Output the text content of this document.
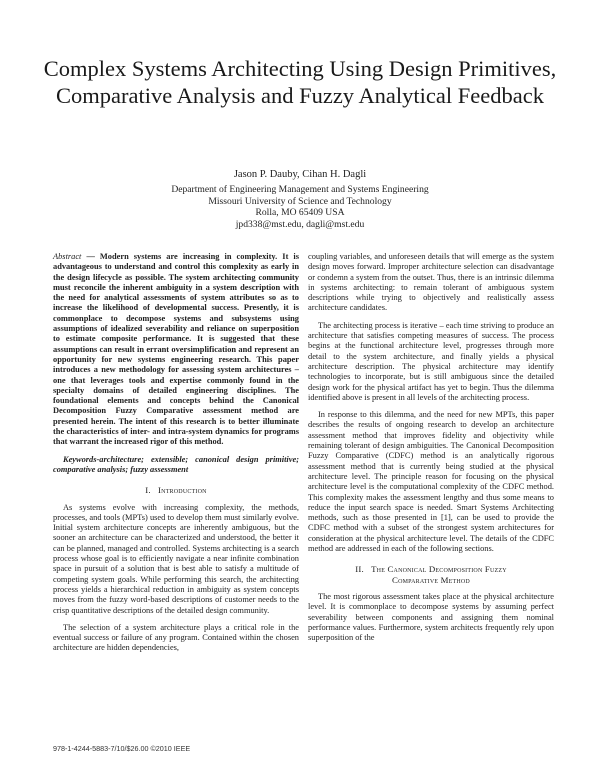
Complex Systems Architecting Using Design Primitives, Comparative Analysis and Fuzzy Analytical Feedback
Jason P. Dauby, Cihan H. Dagli
Department of Engineering Management and Systems Engineering
Missouri University of Science and Technology
Rolla, MO 65409 USA
jpd338@mst.edu, dagli@mst.edu

Abstract — Modern systems are increasing in complexity. It is advantageous to understand and control this complexity as early in the design lifecycle as possible. The system architecting community must reconcile the inherent ambiguity in a system description with the need for analytical assessments of system attributes so as to increase the likelihood of developmental success. Presently, it is commonplace to decompose systems and subsystems using assumptions of idealized severability and reliance on superposition to estimate composite performance. It is suggested that these assumptions can result in errant oversimplification and represent an opportunity for new systems engineering research. This paper introduces a new methodology for assessing system architectures – one that leverages tools and expertise commonly found in the specialty domains of detailed engineering disciplines. The foundational elements and concepts behind the Canonical Decomposition Fuzzy Comparative assessment method are presented herein. The intent of this research is to better illuminate the characteristics of inter- and intra-system dynamics for programs that warrant the increased rigor of this method.

Keywords-architecture; extensible; canonical design primitive; comparative analysis; fuzzy assessment

I. Introduction

As systems evolve with increasing complexity, the methods, processes, and tools (MPTs) used to develop them must similarly evolve. Initial system architecture concepts are inherently ambiguous, but the sooner an architecture can be characterized and understood, the better it can be planned, managed and controlled. Systems architecting is a search process whose goal is to efficiently navigate a near infinite combination space in pursuit of a solution that is best able to satisfy a multitude of competing system goals. While performing this search, the architecting process yields a hierarchical reduction in ambiguity as system concepts moves from the fuzzy word-based descriptions of customer needs to the crisp quantitative descriptions of the detailed design community.

The selection of a system architecture plays a critical role in the eventual success or failure of any program. Contained within the chosen architecture are hidden dependencies,

coupling variables, and unforeseen details that will emerge as the system design moves forward. Improper architecture selection can disadvantage or condemn a system from the outset. Thus, there is an intrinsic dilemma in systems architecting: to remain tolerant of ambiguous system descriptions while trying to objectively and realistically assess architecture candidates.

The architecting process is iterative – each time striving to produce an architecture that satisfies competing measures of success. The process begins at the functional architecture level, progresses through more detail to the system architecture, and finally yields a physical architecture description. The physical architecture may identify technologies to incorporate, but is still ambiguous since the detailed design work for the physical artifact has yet to begin. Thus the dilemma identified above is present in all levels of the architecting process.

In response to this dilemma, and the need for new MPTs, this paper describes the results of ongoing research to develop an architecture assessment method that improves fidelity and objectivity while remaining tolerant of design ambiguities. The Canonical Decomposition Fuzzy Comparative (CDFC) method is an analytically rigorous assessment method that is currently being studied at the physical architecture level. The principle reason for focusing on the physical architecture level is the computational complexity of the CDFC method. This complexity makes the assessment lengthy and thus some means to reduce the input search space is needed. Smart Systems Architecting methods, such as those presented in [1], can be used to provide the CDFC method with a subset of the strongest system architectures for consideration at the physical architecture level. The details of the CDFC method are addressed in each of the following sections.

II. The Canonical Decomposition Fuzzy
Comparative Method

The most rigorous assessment takes place at the physical architecture level. It is commonplace to decompose systems by assuming perfect severability between components and assigning them nominal performance values. Furthermore, system architects frequently rely upon superposition of the

978-1-4244-5883-7/10/$26.00 ©2010 IEEE
